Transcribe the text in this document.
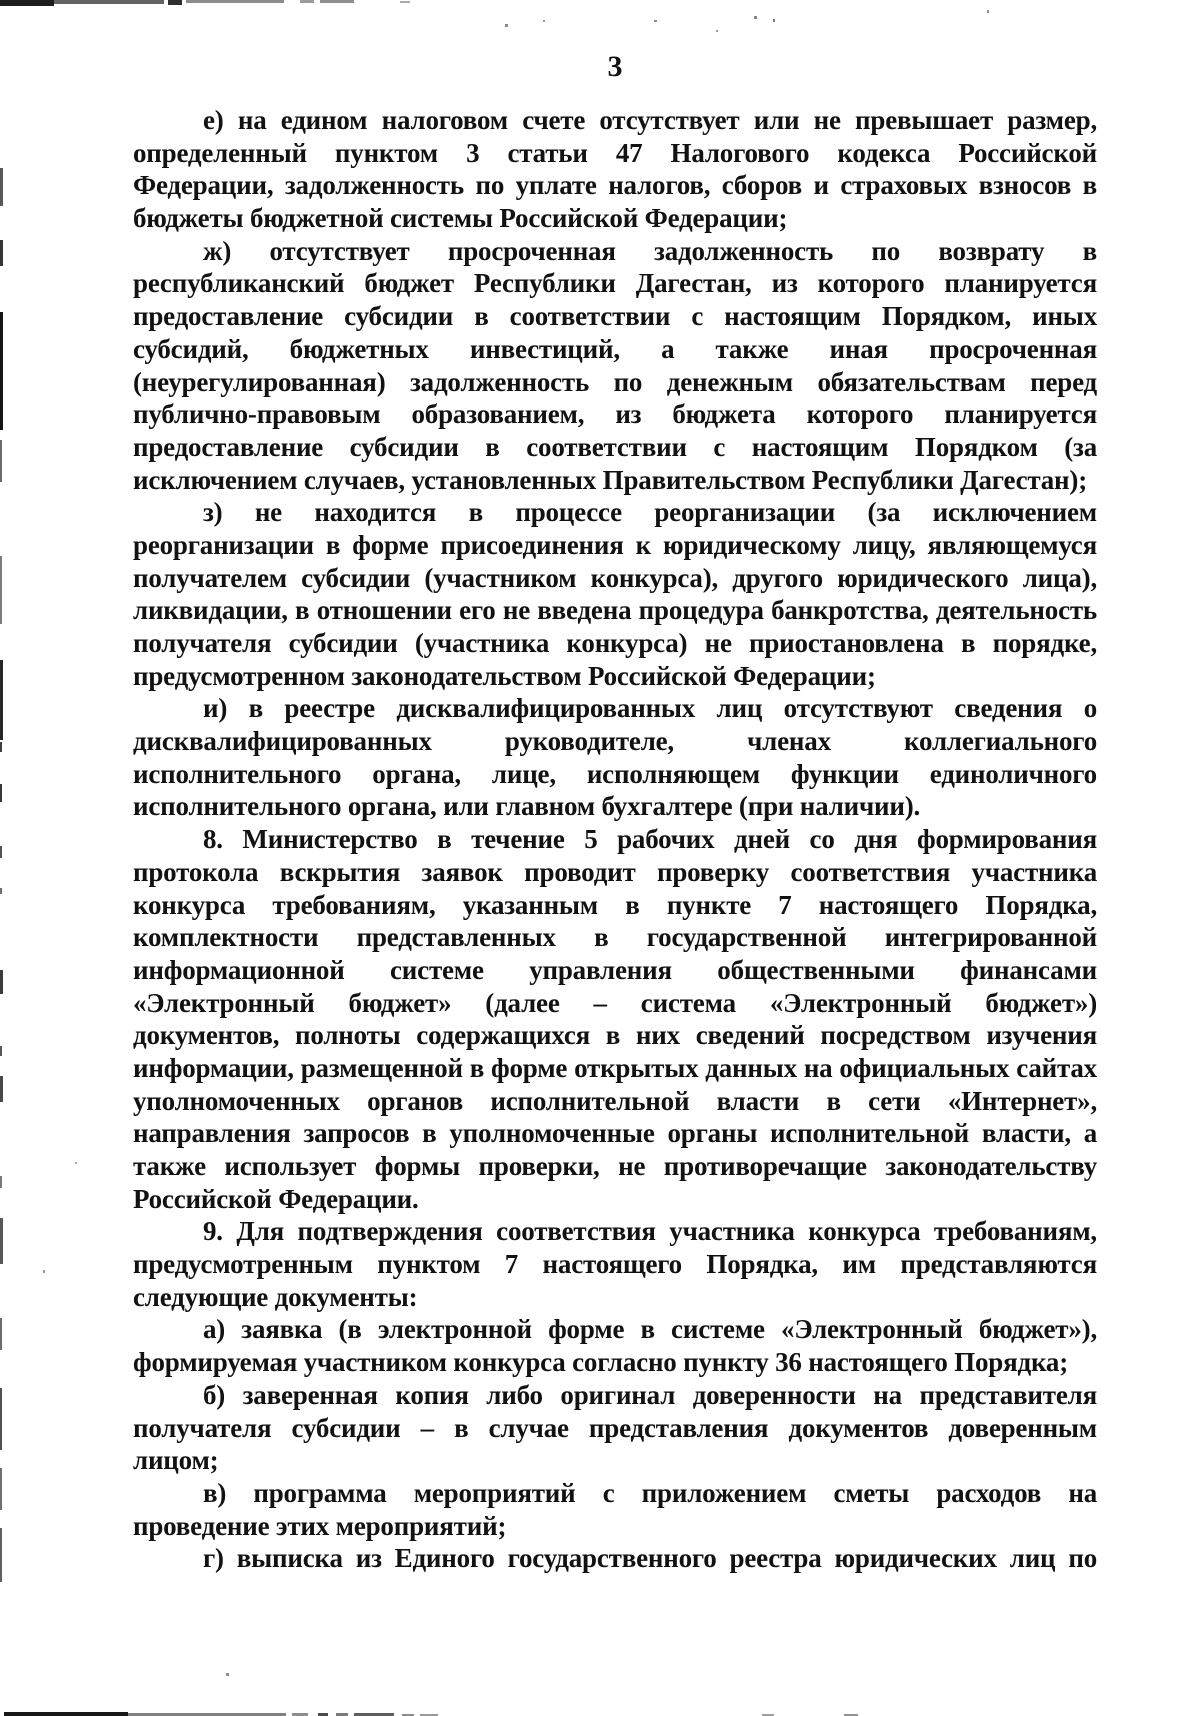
3
е) на едином налоговом счете отсутствует или не превышает размер,
определенный пунктом 3 статьи 47 Налогового кодекса Российской
Федерации, задолженность по уплате налогов, сборов и страховых взносов в
бюджеты бюджетной системы Российской Федерации;
ж) отсутствует просроченная задолженность по возврату в
республиканский бюджет Республики Дагестан, из которого планируется
предоставление субсидии в соответствии с настоящим Порядком, иных
субсидий, бюджетных инвестиций, а также иная просроченная
(неурегулированная) задолженность по денежным обязательствам перед
публично-правовым образованием, из бюджета которого планируется
предоставление субсидии в соответствии с настоящим Порядком (за
исключением случаев, установленных Правительством Республики Дагестан);
з) не находится в процессе реорганизации (за исключением
реорганизации в форме присоединения к юридическому лицу, являющемуся
получателем субсидии (участником конкурса), другого юридического лица),
ликвидации, в отношении его не введена процедура банкротства, деятельность
получателя субсидии (участника конкурса) не приостановлена в порядке,
предусмотренном законодательством Российской Федерации;
и) в реестре дисквалифицированных лиц отсутствуют сведения о
дисквалифицированных руководителе, членах коллегиального
исполнительного органа, лице, исполняющем функции единоличного
исполнительного органа, или главном бухгалтере (при наличии).
8. Министерство в течение 5 рабочих дней со дня формирования
протокола вскрытия заявок проводит проверку соответствия участника
конкурса требованиям, указанным в пункте 7 настоящего Порядка,
комплектности представленных в государственной интегрированной
информационной системе управления общественными финансами
«Электронный бюджет» (далее – система «Электронный бюджет»)
документов, полноты содержащихся в них сведений посредством изучения
информации, размещенной в форме открытых данных на официальных сайтах
уполномоченных органов исполнительной власти в сети «Интернет»,
направления запросов в уполномоченные органы исполнительной власти, а
также использует формы проверки, не противоречащие законодательству
Российской Федерации.
9. Для подтверждения соответствия участника конкурса требованиям,
предусмотренным пунктом 7 настоящего Порядка, им представляются
следующие документы:
а) заявка (в электронной форме в системе «Электронный бюджет»),
формируемая участником конкурса согласно пункту 36 настоящего Порядка;
б) заверенная копия либо оригинал доверенности на представителя
получателя субсидии – в случае представления документов доверенным
лицом;
в) программа мероприятий с приложением сметы расходов на
проведение этих мероприятий;
г) выписка из Единого государственного реестра юридических лиц по
